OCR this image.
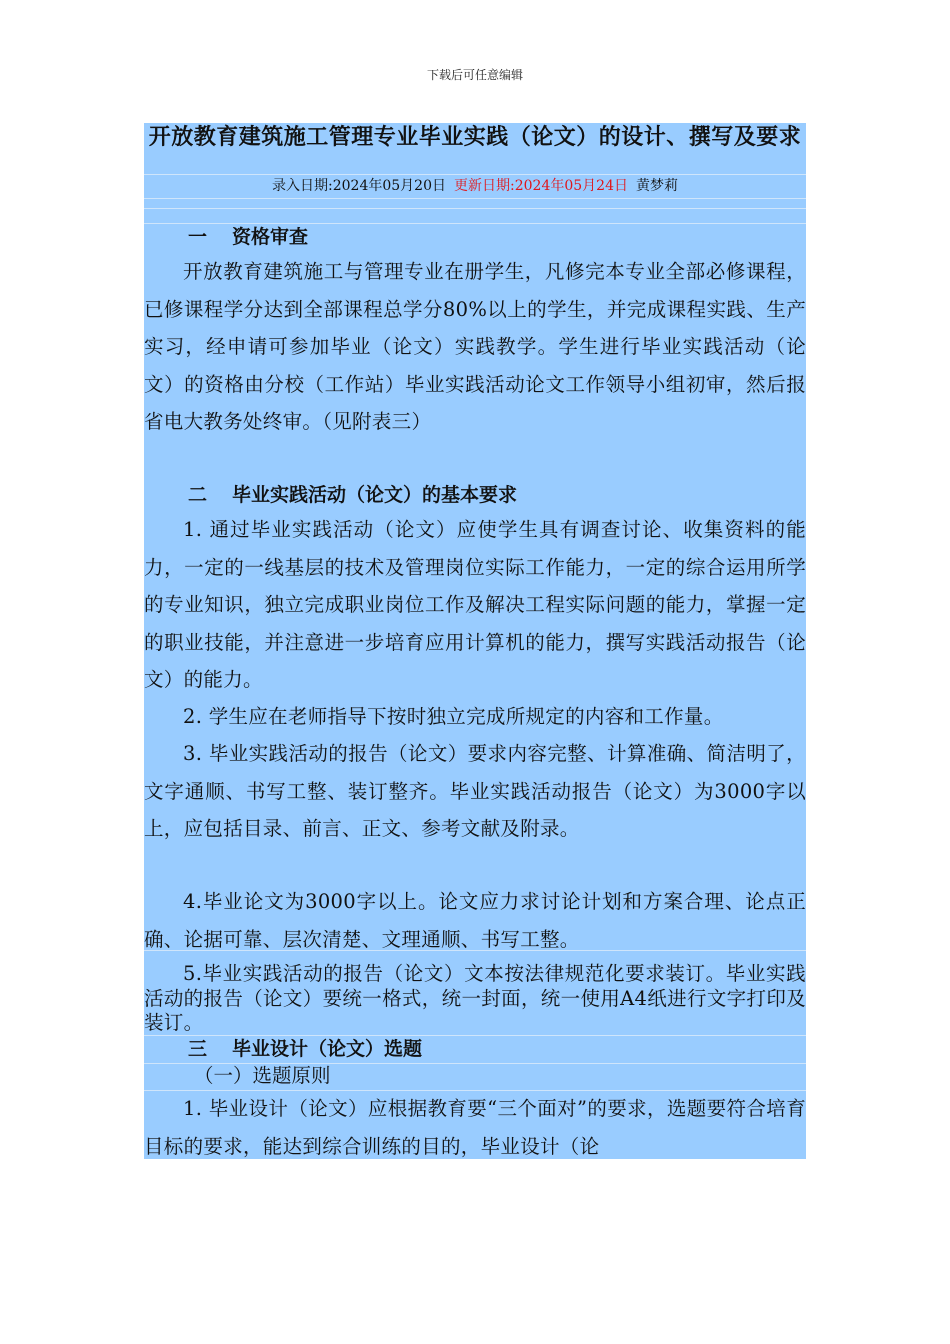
下载后可任意编辑
开放教育建筑施工管理专业毕业实践（论文）的设计、撰写及要求
录入日期:2024年05月20日 更新日期:2024年05月24日 黄梦莉
一 资格审查
开放教育建筑施工与管理专业在册学生，凡修完本专业全部必修课程，已修课程学分达到全部课程总学分80%以上的学生，并完成课程实践、生产实习，经申请可参加毕业（论文）实践教学。学生进行毕业实践活动（论文）的资格由分校（工作站）毕业实践活动论文工作领导小组初审，然后报省电大教务处终审。（见附表三）
二 毕业实践活动（论文）的基本要求
1. 通过毕业实践活动（论文）应使学生具有调查讨论、收集资料的能力，一定的一线基层的技术及管理岗位实际工作能力，一定的综合运用所学的专业知识，独立完成职业岗位工作及解决工程实际问题的能力，掌握一定的职业技能，并注意进一步培育应用计算机的能力，撰写实践活动报告（论文）的能力。
2. 学生应在老师指导下按时独立完成所规定的内容和工作量。
3. 毕业实践活动的报告（论文）要求内容完整、计算准确、简洁明了，文字通顺、书写工整、装订整齐。毕业实践活动报告（论文）为3000字以上，应包括目录、前言、正文、参考文献及附录。
4.毕业论文为3000字以上。论文应力求讨论计划和方案合理、论点正确、论据可靠、层次清楚、文理通顺、书写工整。
5.毕业实践活动的报告（论文）文本按法律规范化要求装订。毕业实践活动的报告（论文）要统一格式，统一封面，统一使用A4纸进行文字打印及装订。
三 毕业设计（论文）选题
（一）选题原则
1. 毕业设计（论文）应根据教育要“三个面对”的要求，选题要符合培育目标的要求，能达到综合训练的目的，毕业设计（论
